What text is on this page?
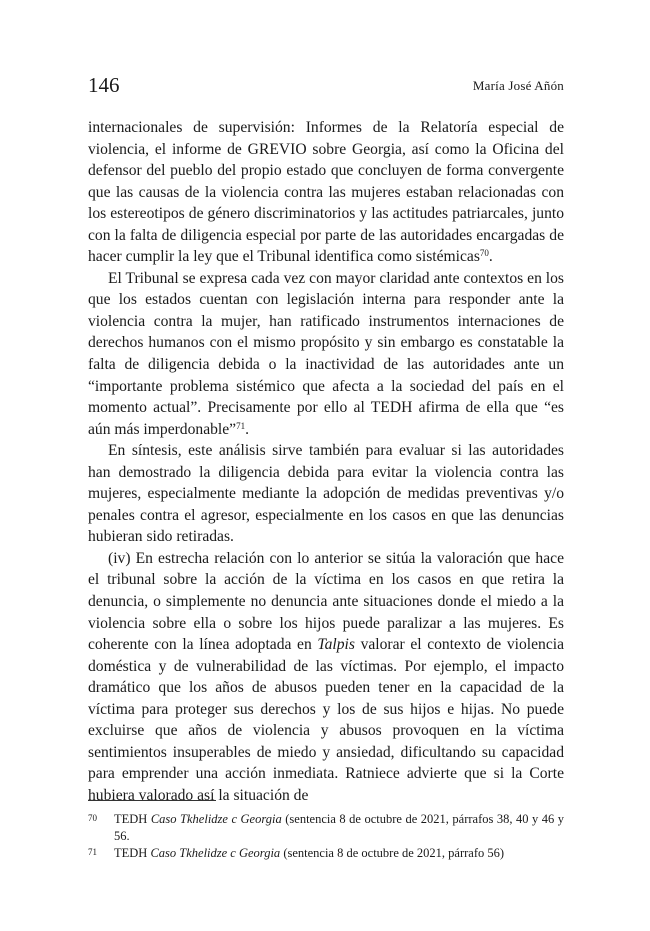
146	María José Añón

internacionales de supervisión: Informes de la Relatoría especial de violencia, el informe de GREVIO sobre Georgia, así como la Oficina del defensor del pueblo del propio estado que concluyen de forma convergente que las causas de la violencia contra las mujeres estaban relacionadas con los estereotipos de género discriminatorios y las actitudes patriarcales, junto con la falta de diligencia especial por parte de las autoridades encargadas de hacer cumplir la ley que el Tribunal identifica como sistémicas$^{70}$.

El Tribunal se expresa cada vez con mayor claridad ante contextos en los que los estados cuentan con legislación interna para responder ante la violencia contra la mujer, han ratificado instrumentos internaciones de derechos humanos con el mismo propósito y sin embargo es constatable la falta de diligencia debida o la inactividad de las autoridades ante un “importante problema sistémico que afecta a la sociedad del país en el momento actual”. Precisamente por ello al TEDH afirma de ella que “es aún más imperdonable”$^{71}$.

En síntesis, este análisis sirve también para evaluar si las autoridades han demostrado la diligencia debida para evitar la violencia contra las mujeres, especialmente mediante la adopción de medidas preventivas y/o penales contra el agresor, especialmente en los casos en que las denuncias hubieran sido retiradas.

(iv) En estrecha relación con lo anterior se sitúa la valoración que hace el tribunal sobre la acción de la víctima en los casos en que retira la denuncia, o simplemente no denuncia ante situaciones donde el miedo a la violencia sobre ella o sobre los hijos puede paralizar a las mujeres. Es coherente con la línea adoptada en Talpis valorar el contexto de violencia doméstica y de vulnerabilidad de las víctimas. Por ejemplo, el impacto dramático que los años de abusos pueden tener en la capacidad de la víctima para proteger sus derechos y los de sus hijos e hijas. No puede excluirse que años de violencia y abusos provoquen en la víctima sentimientos insuperables de miedo y ansiedad, dificultando su capacidad para emprender una acción inmediata. Ratniece advierte que si la Corte hubiera valorado así la situación de

70 TEDH Caso Tkhelidze c Georgia (sentencia 8 de octubre de 2021, párrafos 38, 40 y 46 y 56.
71 TEDH Caso Tkhelidze c Georgia (sentencia 8 de octubre de 2021, párrafo 56)
